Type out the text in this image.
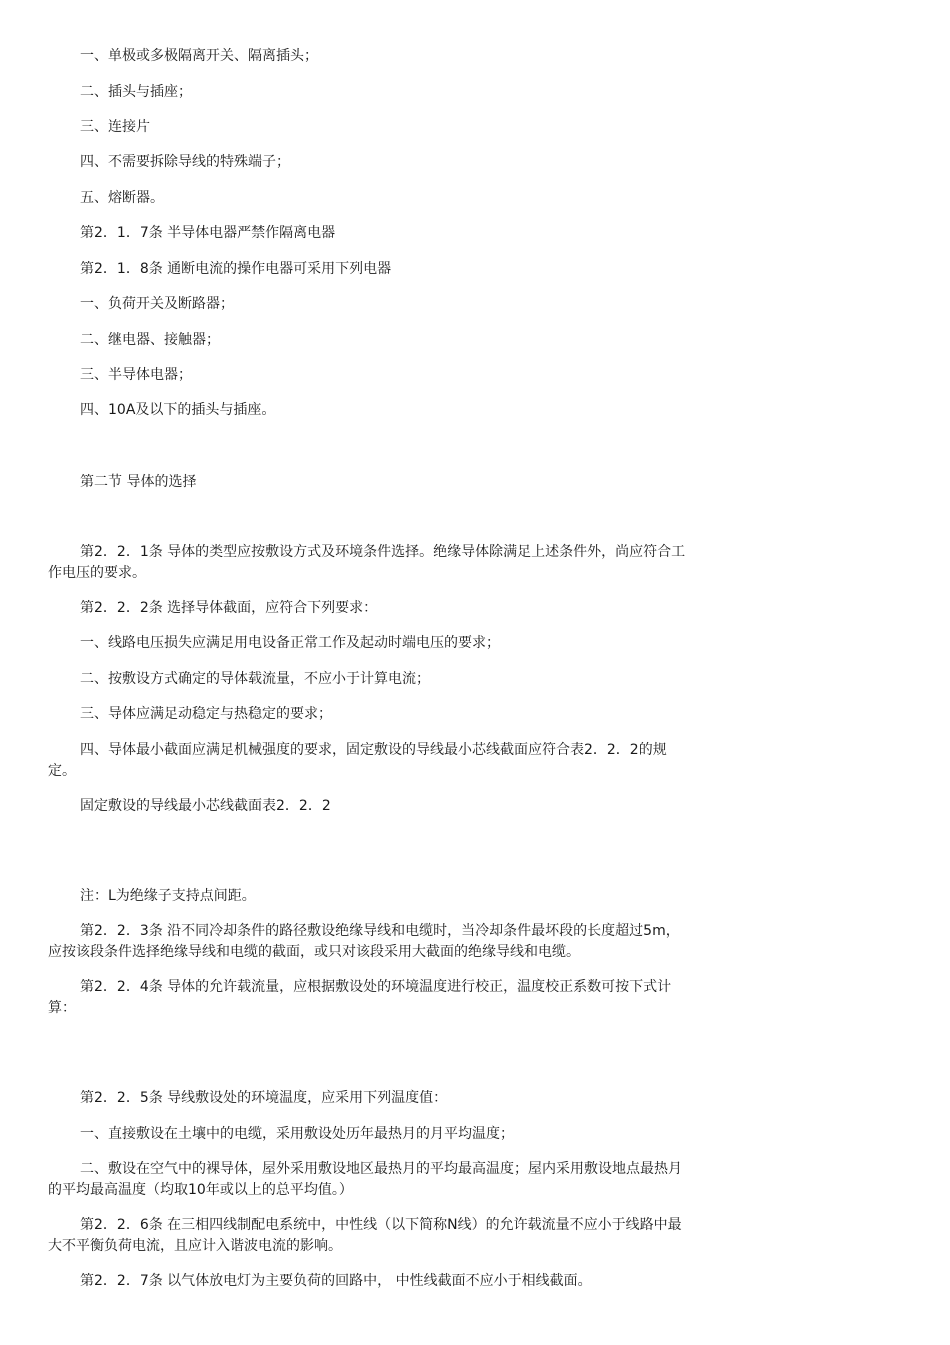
一、单极或多极隔离开关、隔离插头；

二、插头与插座；

三、连接片

四、不需要拆除导线的特殊端子；

五、熔断器。

第2．1．7条 半导体电器严禁作隔离电器

第2．1．8条 通断电流的操作电器可采用下列电器

一、负荷开关及断路器；

二、继电器、接触器；

三、半导体电器；

四、10A及以下的插头与插座。

第二节 导体的选择

第2．2．1条 导体的类型应按敷设方式及环境条件选择。绝缘导体除满足上述条件外，尚应符合工作电压的要求。

第2．2．2条 选择导体截面，应符合下列要求：

一、线路电压损失应满足用电设备正常工作及起动时端电压的要求；

二、按敷设方式确定的导体载流量，不应小于计算电流；

三、导体应满足动稳定与热稳定的要求；

四、导体最小截面应满足机械强度的要求，固定敷设的导线最小芯线截面应符合表2．2．2的规定。

固定敷设的导线最小芯线截面表2．2．2

注：L为绝缘子支持点间距。

第2．2．3条 沿不同冷却条件的路径敷设绝缘导线和电缆时，当冷却条件最坏段的长度超过5m，应按该段条件选择绝缘导线和电缆的截面，或只对该段采用大截面的绝缘导线和电缆。

第2．2．4条 导体的允许载流量，应根据敷设处的环境温度进行校正，温度校正系数可按下式计算：

第2．2．5条 导线敷设处的环境温度，应采用下列温度值：

一、直接敷设在土壤中的电缆，采用敷设处历年最热月的月平均温度；

二、敷设在空气中的裸导体，屋外采用敷设地区最热月的平均最高温度；屋内采用敷设地点最热月的平均最高温度（均取10年或以上的总平均值。）

第2．2．6条 在三相四线制配电系统中，中性线（以下简称N线）的允许载流量不应小于线路中最大不平衡负荷电流，且应计入谐波电流的影响。

第2．2．7条 以气体放电灯为主要负荷的回路中， 中性线截面不应小于相线截面。
